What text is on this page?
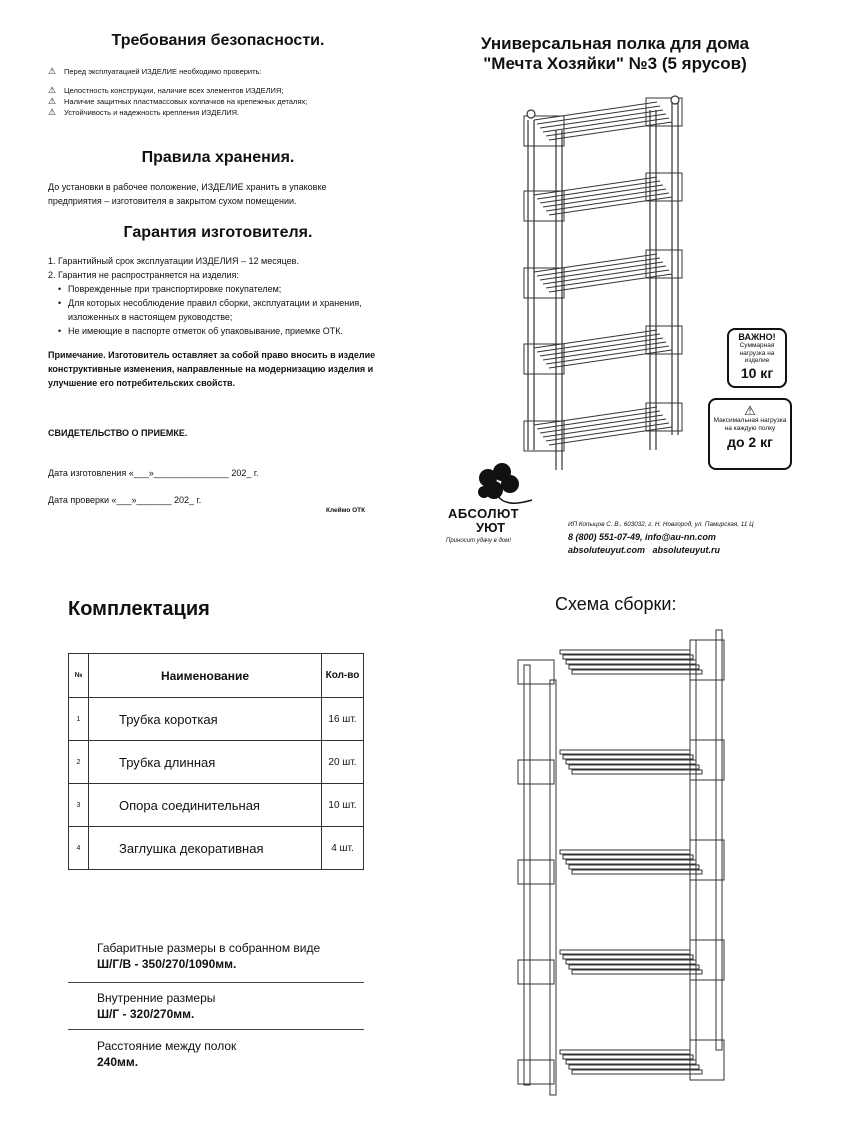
Требования безопасности.
⚠ Перед эксплуатацией ИЗДЕЛИЕ необходимо проверить:
⚠ Целостность конструкции, наличие всех элементов ИЗДЕЛИЯ;
⚠ Наличие защитных пластмассовых колпачков на крепежных деталях;
⚠ Устойчивость и надежность крепления ИЗДЕЛИЯ.
Правила хранения.
До установки в рабочее положение, ИЗДЕЛИЕ хранить в упаковке предприятия – изготовителя в закрытом сухом помещении.
Гарантия изготовителя.
1. Гарантийный срок эксплуатации ИЗДЕЛИЯ – 12 месяцев.
2. Гарантия не распространяется на изделия:
• Поврежденные при транспортировке покупателем;
• Для которых несоблюдение правил сборки, эксплуатации и хранения, изложенных в настоящем руководстве;
• Не имеющие в паспорте отметок об упаковывание, приемке ОТК.
Примечание. Изготовитель оставляет за собой право вносить в изделие конструктивные изменения, направленные на модернизацию изделия и улучшение его потребительских свойств.
СВИДЕТЕЛЬСТВО О ПРИЕМКЕ.
Дата изготовления «___»_______________ 202_ г.
Дата проверки «___»_______ 202_ г.
Клеймо ОТК
Универсальная полка для дома
"Мечта Хозяйки" №3 (5 ярусов)
ВАЖНО!
Суммарная нагрузка на изделие
10 кг
⚠
Максимальная нагрузка на каждую полку
до 2 кг
АБСОЛЮТ
УЮТ
Приносит удачу в дом!
ИП Копыцов С. В., 603032, г. Н. Новгород, ул. Памирская, 11 Ц
8 (800) 551-07-49, info@au-nn.com
absoluteuyut.com   absoluteuyut.ru
Комплектация
№	Наименование	Кол-во
1	Трубка короткая	16 шт.
2	Трубка длинная	20 шт.
3	Опора соединительная	10 шт.
4	Заглушка декоративная	4 шт.
Габаритные размеры в собранном виде
Ш/Г/В - 350/270/1090мм.
Внутренние размеры
Ш/Г - 320/270мм.
Расстояние между полок
240мм.
Схема сборки:
